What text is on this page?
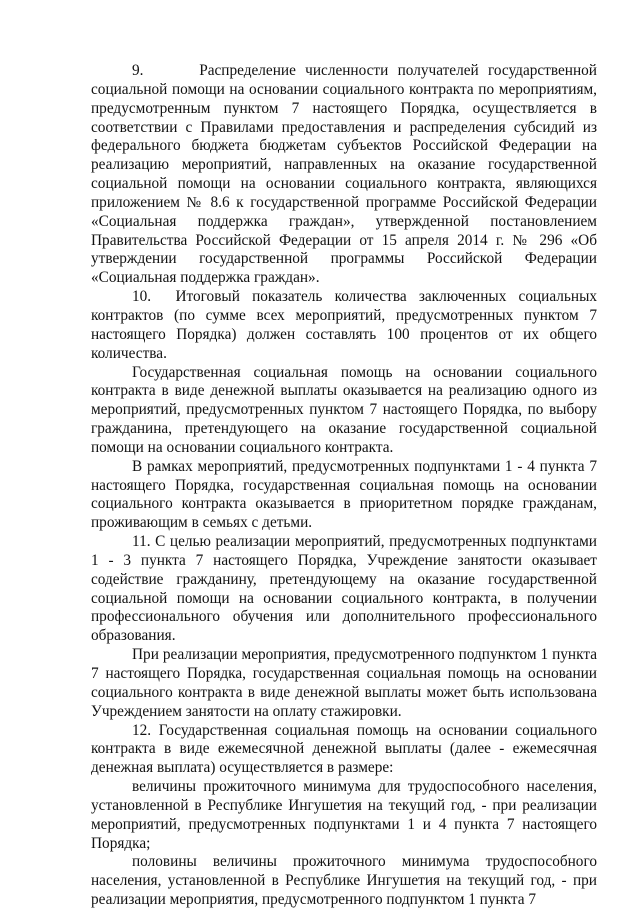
9.      Распределение численности получателей государственной социальной помощи на основании социального контракта по мероприятиям, предусмотренным пунктом 7 настоящего Порядка, осуществляется в соответствии с Правилами предоставления и распределения субсидий из федерального бюджета бюджетам субъектов Российской Федерации на реализацию мероприятий, направленных на оказание государственной социальной помощи на основании социального контракта, являющихся приложением № 8.6 к государственной программе Российской Федерации «Социальная поддержка граждан», утвержденной постановлением Правительства Российской Федерации от 15 апреля 2014 г. № 296 «Об утверждении государственной программы Российской Федерации «Социальная поддержка граждан».

10.  Итоговый показатель количества заключенных социальных контрактов (по сумме всех мероприятий, предусмотренных пунктом 7 настоящего Порядка) должен составлять 100 процентов от их общего количества.

Государственная социальная помощь на основании социального контракта в виде денежной выплаты оказывается на реализацию одного из мероприятий, предусмотренных пунктом 7 настоящего Порядка, по выбору гражданина, претендующего на оказание государственной социальной помощи на основании социального контракта.

В рамках мероприятий, предусмотренных подпунктами 1 - 4 пункта 7 настоящего Порядка, государственная социальная помощь на основании социального контракта оказывается в приоритетном порядке гражданам, проживающим в семьях с детьми.

11. С целью реализации мероприятий, предусмотренных подпунктами 1 - 3 пункта 7 настоящего Порядка, Учреждение занятости оказывает содействие гражданину, претендующему на оказание государственной социальной помощи на основании социального контракта, в получении профессионального обучения или дополнительного профессионального образования.

При реализации мероприятия, предусмотренного подпунктом 1 пункта 7 настоящего Порядка, государственная социальная помощь на основании социального контракта в виде денежной выплаты может быть использована Учреждением занятости на оплату стажировки.

12. Государственная социальная помощь на основании социального контракта в виде ежемесячной денежной выплаты (далее - ежемесячная денежная выплата) осуществляется в размере:

величины прожиточного минимума для трудоспособного населения, установленной в Республике Ингушетия на текущий год, - при реализации мероприятий, предусмотренных подпунктами 1 и 4 пункта 7 настоящего Порядка;

половины величины прожиточного минимума трудоспособного населения, установленной в Республике Ингушетия на текущий год, - при реализации мероприятия, предусмотренного подпунктом 1 пункта 7
